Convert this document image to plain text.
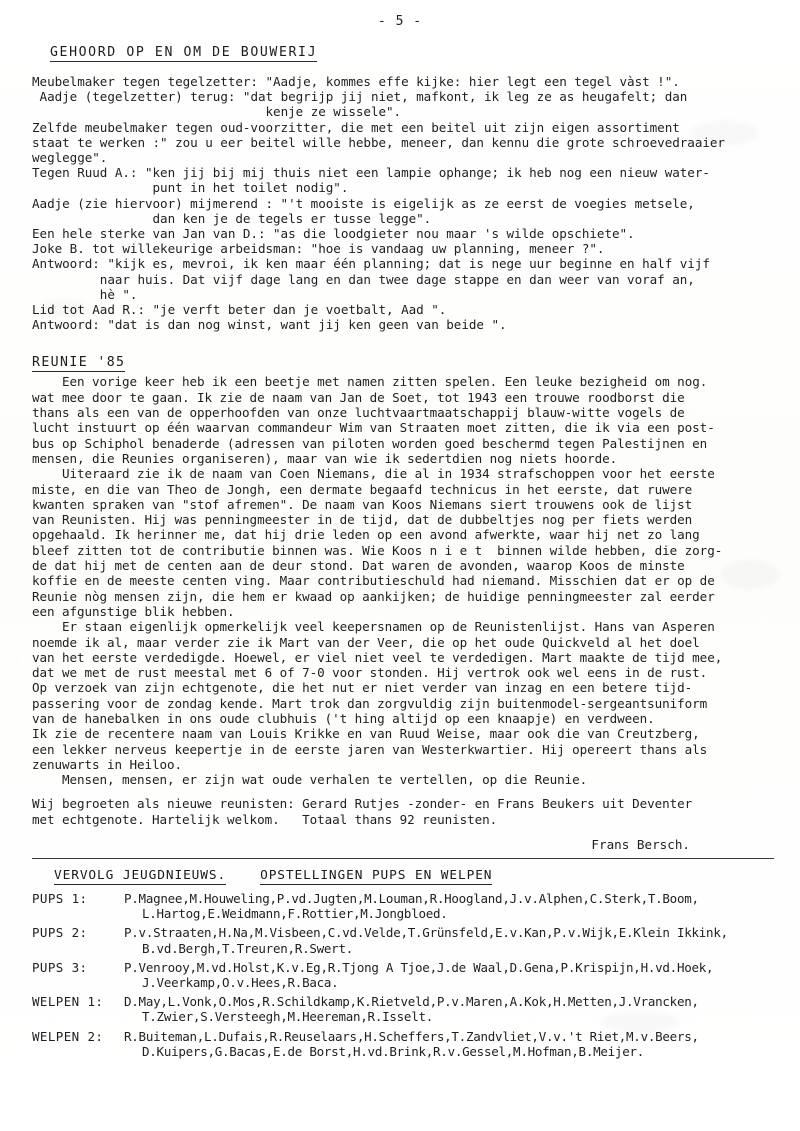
- 5 -
GEHOORD OP EN OM DE BOUWERIJ

Meubelmaker tegen tegelzetter: "Aadje, kommes effe kijke: hier legt een tegel vàst !".

Aadje (tegelzetter) terug: "dat begrijp jij niet, mafkont, ik leg ze as heugafelt; dan

kenje ze wissele".

Zelfde meubelmaker tegen oud-voorzitter, die met een beitel uit zijn eigen assortiment

staat te werken :" zou u eer beitel wille hebbe, meneer, dan kennu die grote schroevedraaier

weglegge".

Tegen Ruud A.: "ken jij bij mij thuis niet een lampie ophange; ik heb nog een nieuw water-

punt in het toilet nodig".

Aadje (zie hiervoor) mijmerend : "'t mooiste is eigelijk as ze eerst de voegies metsele,

dan ken je de tegels er tusse legge".

Een hele sterke van Jan van D.: "as die loodgieter nou maar 's wilde opschiete".

Joke B. tot willekeurige arbeidsman: "hoe is vandaag uw planning, meneer ?".

Antwoord: "kijk es, mevroi, ik ken maar één planning; dat is nege uur beginne en half vijf

naar huis. Dat vijf dage lang en dan twee dage stappe en dan weer van voraf an,

hè ".

Lid tot Aad R.: "je verft beter dan je voetbalt, Aad ".

Antwoord: "dat is dan nog winst, want jij ken geen van beide ".

REUNIE '85
Een vorige keer heb ik een beetje met namen zitten spelen. Een leuke bezigheid om nog.
wat mee door te gaan. Ik zie de naam van Jan de Soet, tot 1943 een trouwe roodborst die
thans als een van de opperhoofden van onze luchtvaartmaatschappij blauw-witte vogels de
lucht instuurt op één waarvan commandeur Wim van Straaten moet zitten, die ik via een post-
bus op Schiphol benaderde (adressen van piloten worden goed beschermd tegen Palestijnen en
mensen, die Reunies organiseren), maar van wie ik sedertdien nog niets hoorde.
Uiteraard zie ik de naam van Coen Niemans, die al in 1934 strafschoppen voor het eerste
miste, en die van Theo de Jongh, een dermate begaafd technicus in het eerste, dat ruwere
kwanten spraken van "stof afremen". De naam van Koos Niemans siert trouwens ook de lijst
van Reunisten. Hij was penningmeester in de tijd, dat de dubbeltjes nog per fiets werden
opgehaald. Ik herinner me, dat hij drie leden op een avond afwerkte, waar hij net zo lang
bleef zitten tot de contributie binnen was. Wie Koos n i e t  binnen wilde hebben, die zorg-
de dat hij met de centen aan de deur stond. Dat waren de avonden, waarop Koos de minste
koffie en de meeste centen ving. Maar contributieschuld had niemand. Misschien dat er op de
Reunie nòg mensen zijn, die hem er kwaad op aankijken; de huidige penningmeester zal eerder
een afgunstige blik hebben.
Er staan eigenlijk opmerkelijk veel keepersnamen op de Reunistenlijst. Hans van Asperen
noemde ik al, maar verder zie ik Mart van der Veer, die op het oude Quickveld al het doel
van het eerste verdedigde. Hoewel, er viel niet veel te verdedigen. Mart maakte de tijd mee,
dat we met de rust meestal met 6 of 7-0 voor stonden. Hij vertrok ook wel eens in de rust.
Op verzoek van zijn echtgenote, die het nut er niet verder van inzag en een betere tijd-
passering voor de zondag kende. Mart trok dan zorgvuldig zijn buitenmodel-sergeantsuniform
van de hanebalken in ons oude clubhuis ('t hing altijd op een knaapje) en verdween.
Ik zie de recentere naam van Louis Krikke en van Ruud Weise, maar ook die van Creutzberg,
een lekker nerveus keepertje in de eerste jaren van Westerkwartier. Hij opereert thans als
zenuwarts in Heiloo.
Mensen, mensen, er zijn wat oude verhalen te vertellen, op die Reunie.
Wij begroeten als nieuwe reunisten: Gerard Rutjes -zonder- en Frans Beukers uit Deventer
met echtgenote. Hartelijk welkom.   Totaal thans 92 reunisten.
Frans Bersch.
VERVOLG JEUGDNIEUWS.	OPSTELLINGEN PUPS EN WELPEN
PUPS 1:	P.Magnee,M.Houweling,P.vd.Jugten,M.Louman,R.Hoogland,J.v.Alphen,C.Sterk,T.Boom,
L.Hartog,E.Weidmann,F.Rottier,M.Jongbloed.

PUPS 2:	P.v.Straaten,H.Na,M.Visbeen,C.vd.Velde,T.Grünsfeld,E.v.Kan,P.v.Wijk,E.Klein Ikkink,
B.vd.Bergh,T.Treuren,R.Swert.

PUPS 3:	P.Venrooy,M.vd.Holst,K.v.Eg,R.Tjong A Tjoe,J.de Waal,D.Gena,P.Krispijn,H.vd.Hoek,
J.Veerkamp,O.v.Hees,R.Baca.

WELPEN 1:	D.May,L.Vonk,O.Mos,R.Schildkamp,K.Rietveld,P.v.Maren,A.Kok,H.Metten,J.Vrancken,
T.Zwier,S.Versteegh,M.Heereman,R.Isselt.

WELPEN 2:	R.Buiteman,L.Dufais,R.Reuselaars,H.Scheffers,T.Zandvliet,V.v.'t Riet,M.v.Beers,
D.Kuipers,G.Bacas,E.de Borst,H.vd.Brink,R.v.Gessel,M.Hofman,B.Meijer.
